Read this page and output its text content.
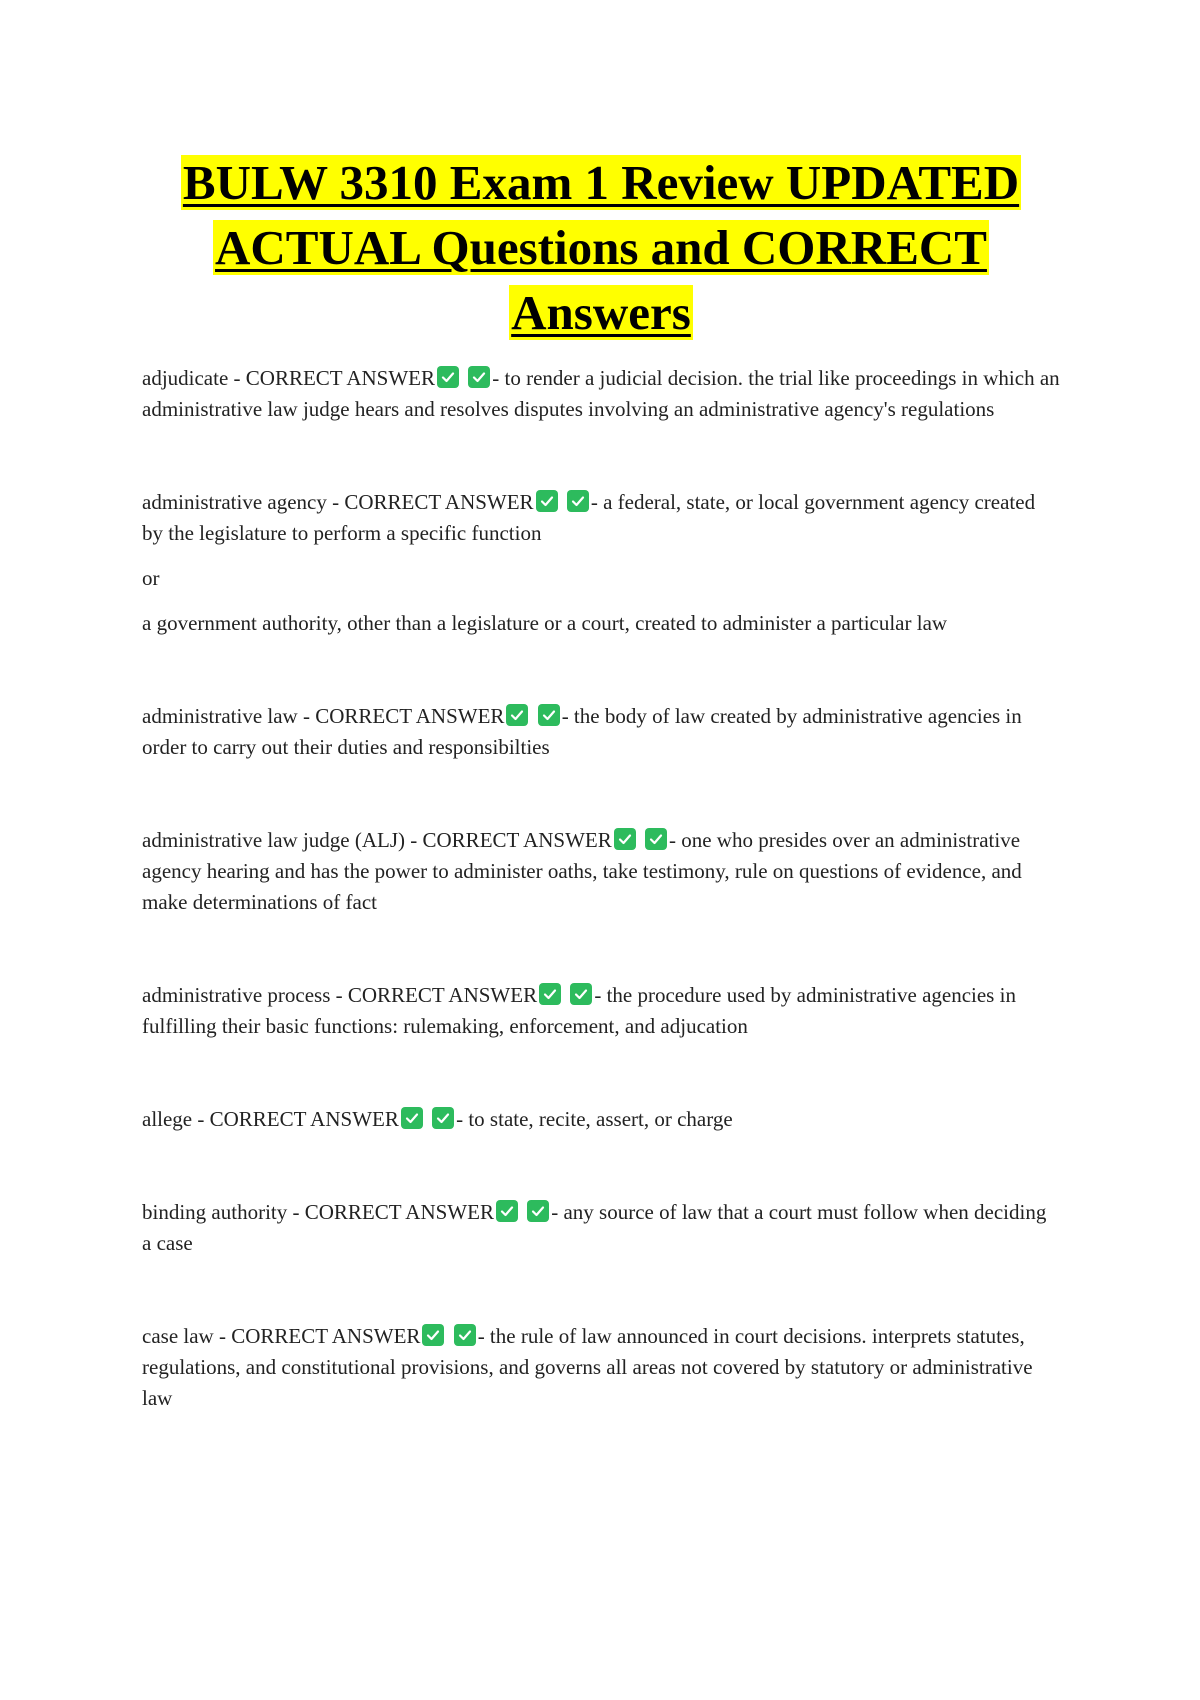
BULW 3310 Exam 1 Review UPDATED
ACTUAL Questions and CORRECT
Answers

adjudicate - CORRECT ANSWER
	- to render a judicial decision. the trial like proceedings in which an administrative law judge hears and resolves disputes involving an administrative agency's regulations

administrative agency - CORRECT ANSWER
	- a federal, state, or local government agency created by the legislature to perform a specific function

or

a government authority, other than a legislature or a court, created to administer a particular law

administrative law - CORRECT ANSWER
	- the body of law created by administrative agencies in order to carry out their duties and responsibilties

administrative law judge (ALJ) - CORRECT ANSWER
	- one who presides over an administrative agency hearing and has the power to administer oaths, take testimony, rule on questions of evidence, and make determinations of fact

administrative process - CORRECT ANSWER
	- the procedure used by administrative agencies in fulfilling their basic functions: rulemaking, enforcement, and adjucation

allege - CORRECT ANSWER
	- to state, recite, assert, or charge

binding authority - CORRECT ANSWER
	- any source of law that a court must follow when deciding a case

case law - CORRECT ANSWER
	- the rule of law announced in court decisions. interprets statutes, regulations, and constitutional provisions, and governs all areas not covered by statutory or administrative law
